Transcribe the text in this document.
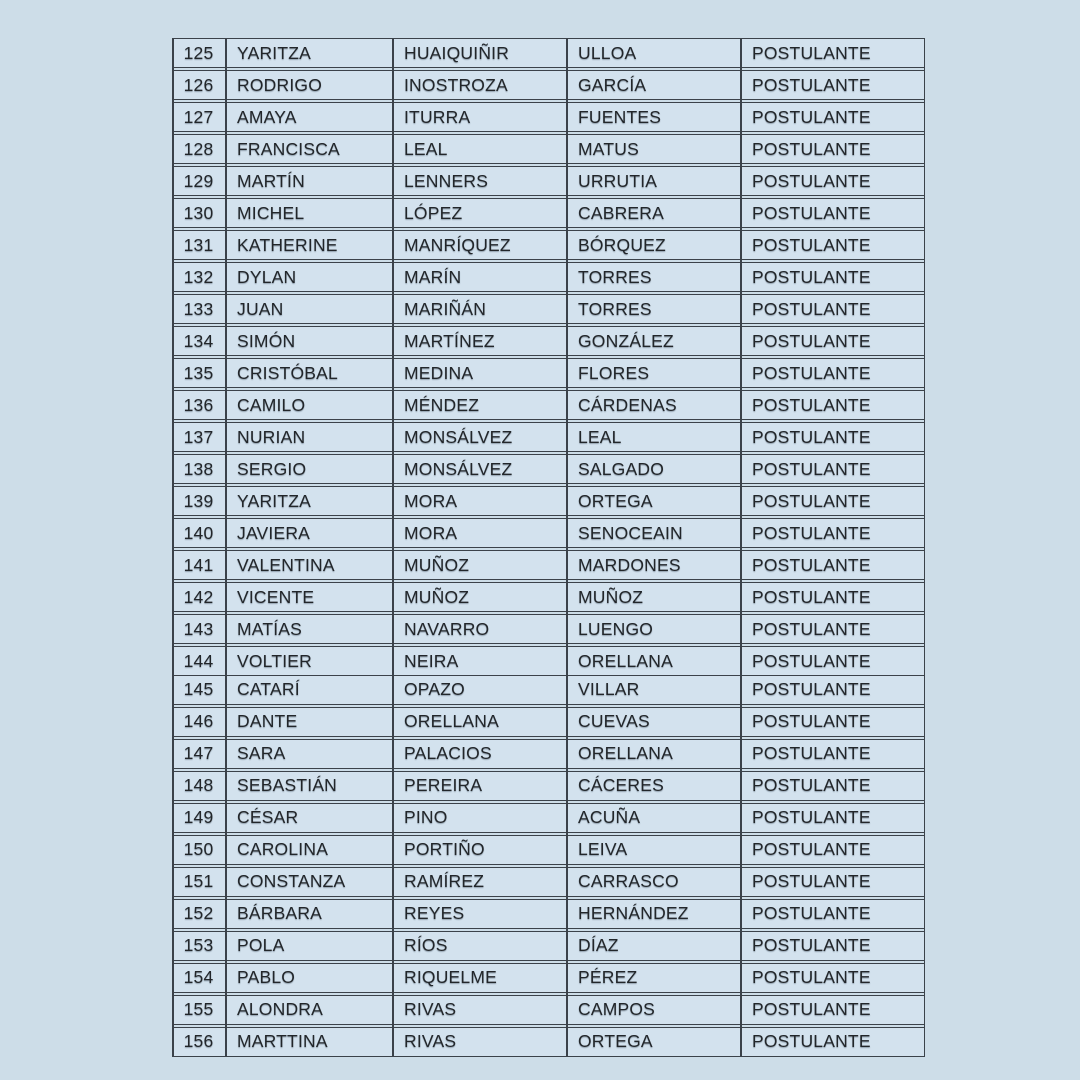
125	YARITZA	HUAIQUIÑIR	ULLOA	POSTULANTE
126	RODRIGO	INOSTROZA	GARCÍA	POSTULANTE
127	AMAYA	ITURRA	FUENTES	POSTULANTE
128	FRANCISCA	LEAL	MATUS	POSTULANTE
129	MARTÍN	LENNERS	URRUTIA	POSTULANTE
130	MICHEL	LÓPEZ	CABRERA	POSTULANTE
131	KATHERINE	MANRÍQUEZ	BÓRQUEZ	POSTULANTE
132	DYLAN	MARÍN	TORRES	POSTULANTE
133	JUAN	MARIÑÁN	TORRES	POSTULANTE
134	SIMÓN	MARTÍNEZ	GONZÁLEZ	POSTULANTE
135	CRISTÓBAL	MEDINA	FLORES	POSTULANTE
136	CAMILO	MÉNDEZ	CÁRDENAS	POSTULANTE
137	NURIAN	MONSÁLVEZ	LEAL	POSTULANTE
138	SERGIO	MONSÁLVEZ	SALGADO	POSTULANTE
139	YARITZA	MORA	ORTEGA	POSTULANTE
140	JAVIERA	MORA	SENOCEAIN	POSTULANTE
141	VALENTINA	MUÑOZ	MARDONES	POSTULANTE
142	VICENTE	MUÑOZ	MUÑOZ	POSTULANTE
143	MATÍAS	NAVARRO	LUENGO	POSTULANTE
144	VOLTIER	NEIRA	ORELLANA	POSTULANTE
145	CATARÍ	OPAZO	VILLAR	POSTULANTE
146	DANTE	ORELLANA	CUEVAS	POSTULANTE
147	SARA	PALACIOS	ORELLANA	POSTULANTE
148	SEBASTIÁN	PEREIRA	CÁCERES	POSTULANTE
149	CÉSAR	PINO	ACUÑA	POSTULANTE
150	CAROLINA	PORTIÑO	LEIVA	POSTULANTE
151	CONSTANZA	RAMÍREZ	CARRASCO	POSTULANTE
152	BÁRBARA	REYES	HERNÁNDEZ	POSTULANTE
153	POLA	RÍOS	DÍAZ	POSTULANTE
154	PABLO	RIQUELME	PÉREZ	POSTULANTE
155	ALONDRA	RIVAS	CAMPOS	POSTULANTE
156	MARTTINA	RIVAS	ORTEGA	POSTULANTE
